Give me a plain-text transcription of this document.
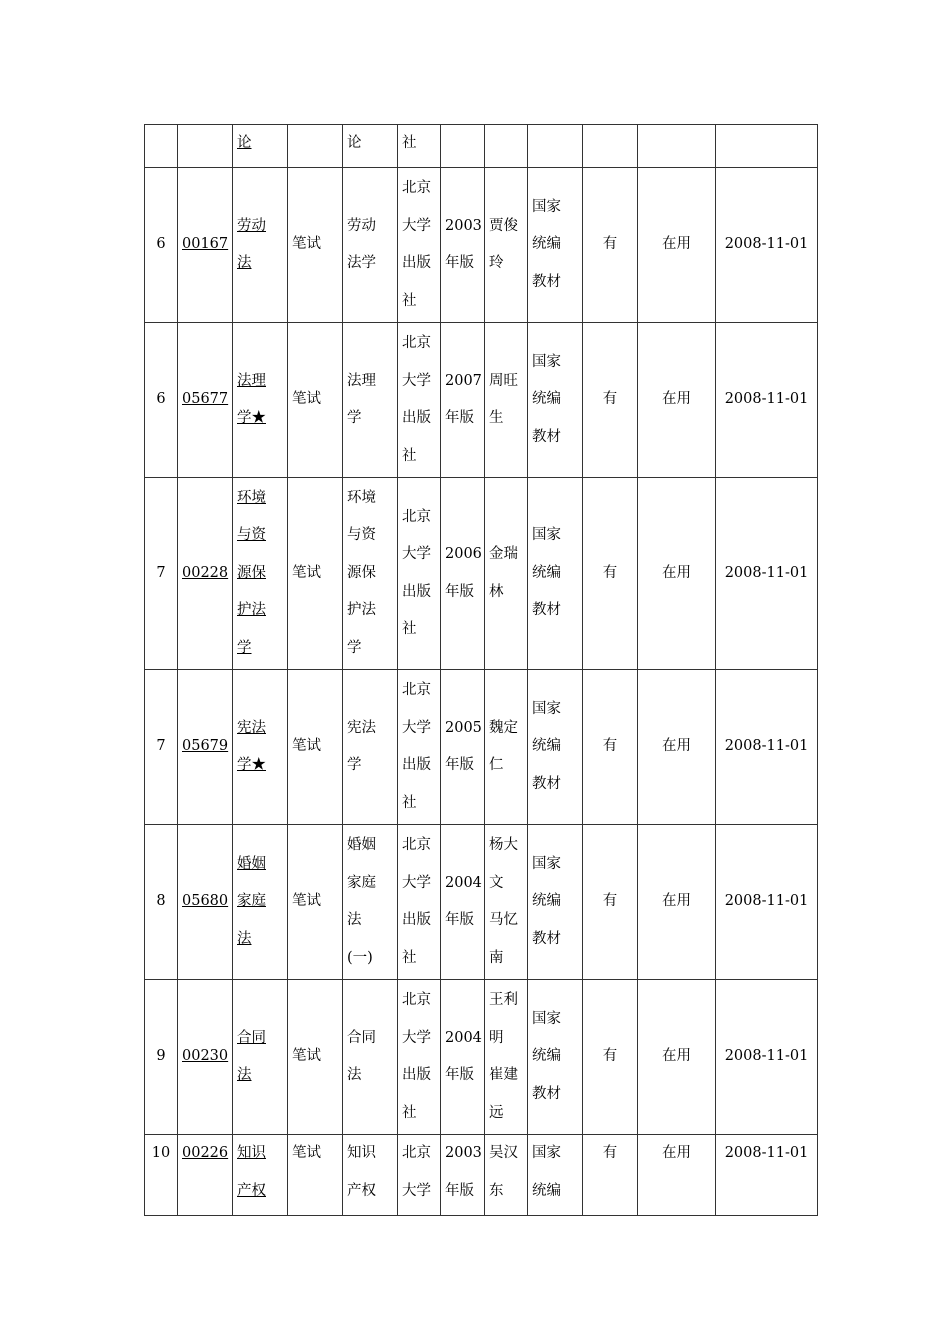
		论		论	社						
6	00167	劳动
法	笔试	劳动
法学	北京
大学
出版
社	2003
年版	贾俊
玲	国家
统编
教材	有	在用	2008-11-01
6	05677	法理
学★	笔试	法理
学	北京
大学
出版
社	2007
年版	周旺
生	国家
统编
教材	有	在用	2008-11-01
7	00228	环境
与资
源保
护法
学	笔试	环境
与资
源保
护法
学	北京
大学
出版
社	2006
年版	金瑞
林	国家
统编
教材	有	在用	2008-11-01
7	05679	宪法
学★	笔试	宪法
学	北京
大学
出版
社	2005
年版	魏定
仁	国家
统编
教材	有	在用	2008-11-01
8	05680	婚姻
家庭
法	笔试	婚姻
家庭
法
(一)	北京
大学
出版
社	2004
年版	杨大
文
马忆
南	国家
统编
教材	有	在用	2008-11-01
9	00230	合同
法	笔试	合同
法	北京
大学
出版
社	2004
年版	王利
明
崔建
远	国家
统编
教材	有	在用	2008-11-01
10	00226	知识
产权	笔试	知识
产权	北京
大学	2003
年版	吴汉
东	国家
统编	有	在用	2008-11-01
